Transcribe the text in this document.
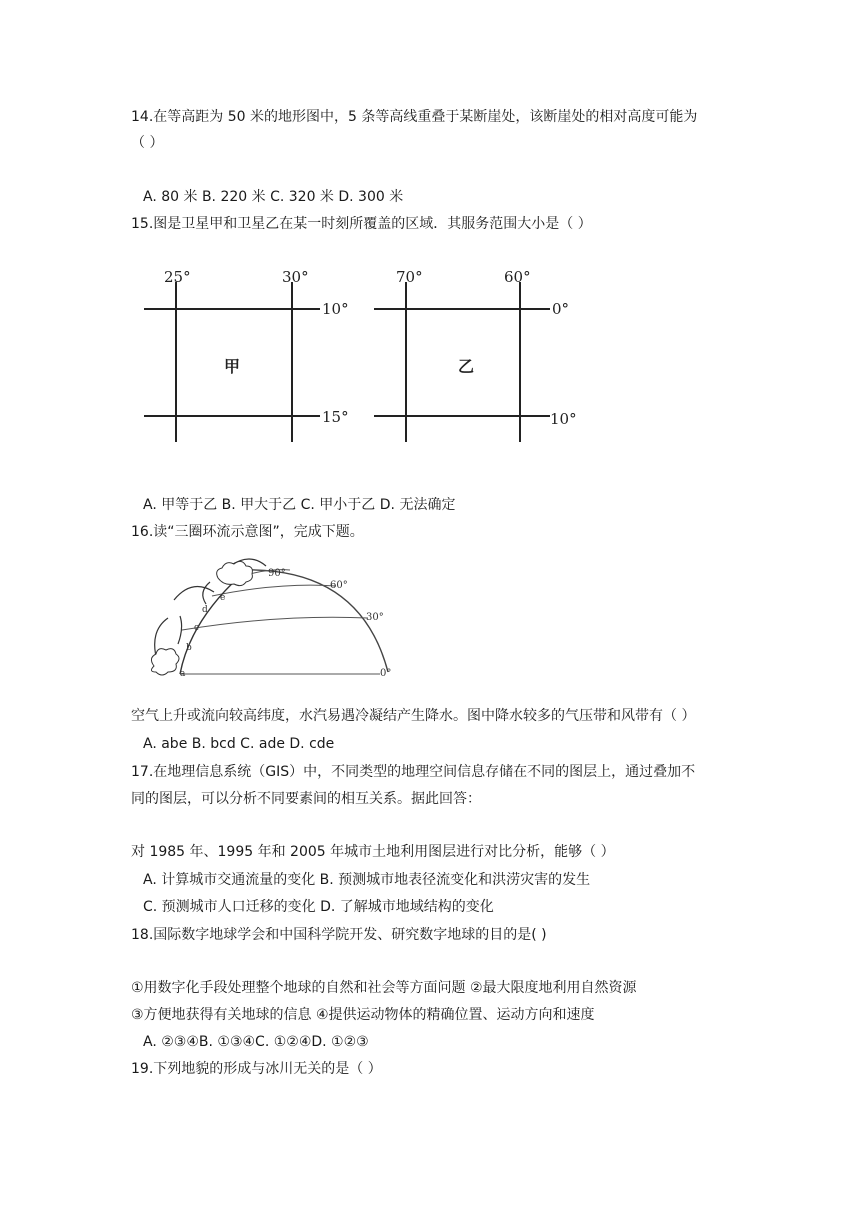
14.在等高距为 50 米的地形图中，5 条等高线重叠于某断崖处，该断崖处的相对高度可能为
（ ）
A. 80 米 B. 220 米 C. 320 米 D. 300 米
15.图是卫星甲和卫星乙在某一时刻所覆盖的区域．其服务范围大小是（ ）
25°	30°
10°
15°
甲
70°	60°
0°
10°
乙
A. 甲等于乙 B. 甲大于乙 C. 甲小于乙 D. 无法确定
16.读“三圈环流示意图”，完成下题。
90°
60°
30°
0°
a
b
c
d
e
空气上升或流向较高纬度，水汽易遇冷凝结产生降水。图中降水较多的气压带和风带有（ ）
A. abe B. bcd C. ade D. cde
17.在地理信息系统（GIS）中，不同类型的地理空间信息存储在不同的图层上，通过叠加不
同的图层，可以分析不同要素间的相互关系。据此回答：
对 1985 年、1995 年和 2005 年城市土地利用图层进行对比分析，能够（ ）
A. 计算城市交通流量的变化 B. 预测城市地表径流变化和洪涝灾害的发生
C. 预测城市人口迁移的变化 D. 了解城市地域结构的变化
18.国际数字地球学会和中国科学院开发、研究数字地球的目的是( )
①用数字化手段处理整个地球的自然和社会等方面问题 ②最大限度地利用自然资源
③方便地获得有关地球的信息 ④提供运动物体的精确位置、运动方向和速度
A. ②③④B. ①③④C. ①②④D. ①②③
19.下列地貌的形成与冰川无关的是（ ）
